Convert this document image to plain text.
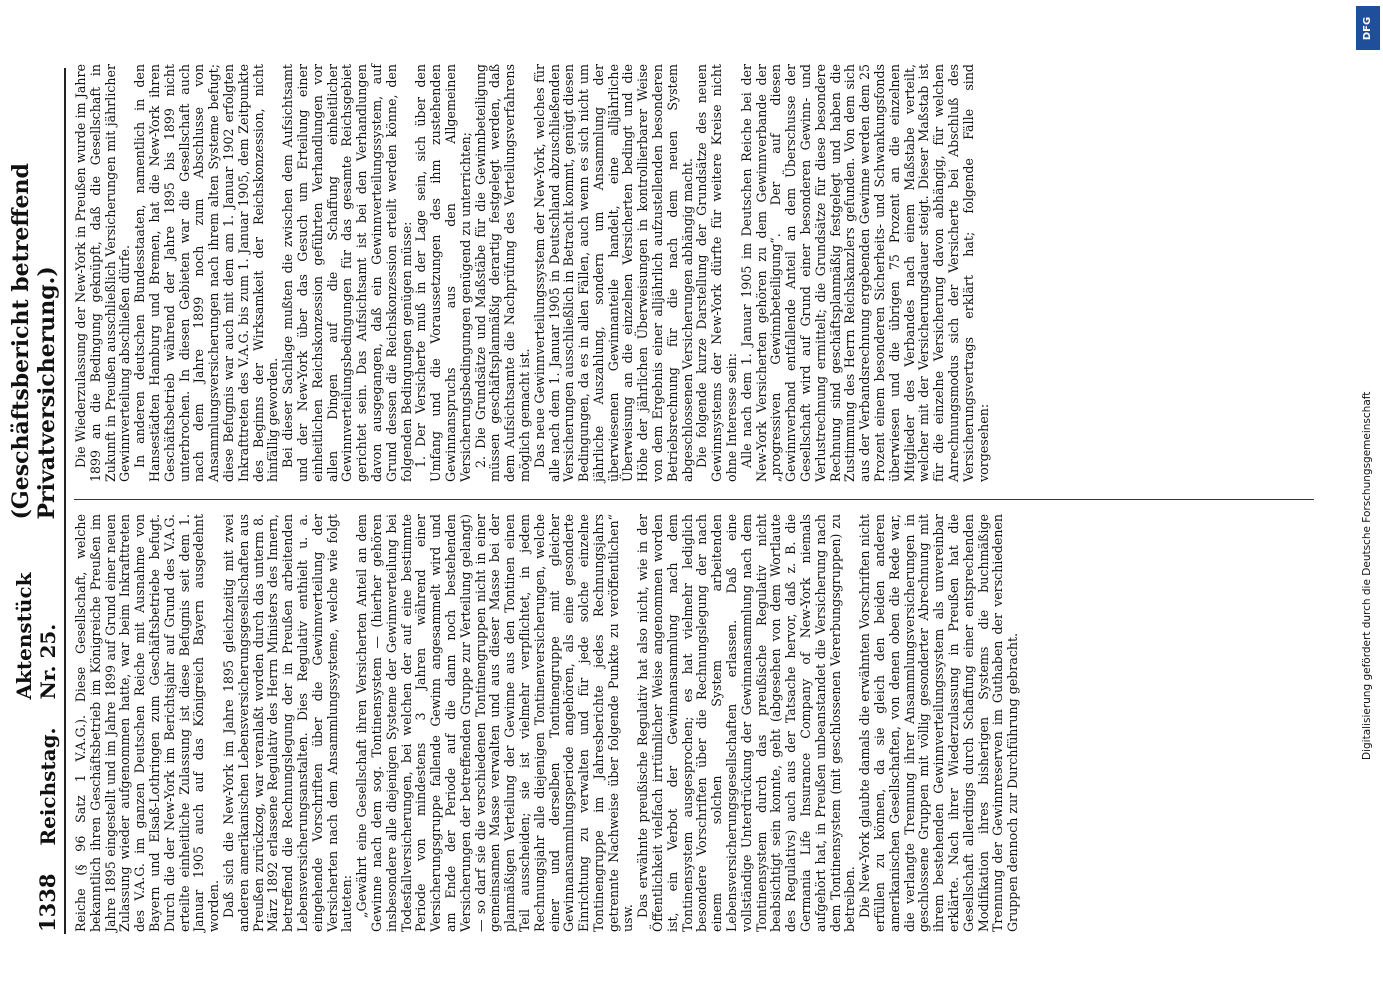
1338
Reichstag.
Aktenstück Nr. 25.
(Geschäftsbericht betreffend Privatversicherung.)

Reiche (§ 96 Satz 1 V.A.G.). Diese Gesellschaft, welche bekanntlich ihren Geschäftsbetrieb im Königreiche Preußen im Jahre 1895 eingestellt und im Jahre 1899 auf Grund einer neuen Zulassung wieder aufgenommen hatte, war beim Inkrafttreten des V.A.G. im ganzen Deutschen Reiche mit Ausnahme von Bayern und Elsaß-Lothringen zum Geschäftsbetriebe befugt. Durch die der New-York im Berichtsjahr auf Grund des V.A.G. erteilte einheitliche Zulassung ist diese Befugnis seit dem 1. Januar 1905 auch auf das Königreich Bayern ausgedehnt worden. Daß sich die New-York im Jahre 1895 gleichzeitig mit zwei anderen amerikanischen Lebensversicherungsgesellschaften aus Preußen zurückzog, war veranlaßt worden durch das unterm 8. März 1892 erlassene Regulativ des Herrn Ministers des Innern, betreffend die Rechnungslegung der in Preußen arbeitenden Lebensversicherungsanstalten. Dies Regulativ enthielt u. a. eingehende Vorschriften über die Gewinnverteilung der Versicherten nach dem Ansammlungssysteme, welche wie folgt lauteten: „Gewährt eine Gesellschaft ihren Versicherten Anteil an dem Gewinne nach dem sog. Tontinensystem — (hierher gehören insbesondere alle diejenigen Systeme der Gewinnverteilung bei Todesfallversicherungen, bei welchen der auf eine bestimmte Periode von mindestens 3 Jahren während einer Versicherungsgruppe fallende Gewinn angesammelt wird und am Ende der Periode auf die dann noch bestehenden Versicherungen der betreffenden Gruppe zur Verteilung gelangt) — so darf sie die verschiedenen Tontinengruppen nicht in einer gemeinsamen Masse verwalten und aus dieser Masse bei der planmäßigen Verteilung der Gewinne aus den Tontinen einen Teil ausscheiden; sie ist vielmehr verpflichtet, in jedem Rechnungsjahr alle diejenigen Tontinenversicherungen, welche einer und derselben Tontinengruppe mit gleicher Gewinnansammlungsperiode angehören, als eine gesonderte Einrichtung zu verwalten und für jede solche einzelne Tontinengruppe im Jahresberichte jedes Rechnungsjahrs getrennte Nachweise über folgende Punkte zu veröffentlichen“ usw.

Das erwähnte preußische Regulativ hat also nicht, wie in der Öffentlichkeit vielfach irrtümlicher Weise angenommen worden ist, ein Verbot der Gewinnansammlung nach dem Tontinensystem ausgesprochen; es hat vielmehr lediglich besondere Vorschriften über die Rechnungslegung der nach einem solchen System arbeitenden Lebensversicherungsgesellschaften erlassen. Daß eine vollständige Unterdrückung der Gewinnansammlung nach dem Tontinensystem durch das preußische Regulativ nicht beabsichtigt sein konnte, geht (abgesehen von dem Wortlaute des Regulativs) auch aus der Tatsache hervor, daß z. B. die Germania Life Insurance Company of New-York niemals aufgehört hat, in Preußen unbeanstandet die Versicherung nach dem Tontinensystem (mit geschlossenen Vererbungsgruppen) zu betreiben. Die New-York glaubte damals die erwähnten Vorschriften nicht erfüllen zu können, da sie gleich den beiden anderen amerikanischen Gesellschaften, von denen oben die Rede war, die verlangte Trennung ihrer Ansammlungsversicherungen in geschlossene Gruppen mit völlig gesonderter Abrechnung mit ihrem bestehenden Gewinnverteilungssystem als unvereinbar erklärte. Nach ihrer Wiederzulassung in Preußen hat die Gesellschaft allerdings durch Schaffung einer entsprechenden Modifikation ihres bisherigen Systems die buchmäßige Trennung der Gewinnreserven im Guthaben der verschiedenen Gruppen dennoch zur Durchführung gebracht.

Die Wiederzulassung der New-York in Preußen wurde im Jahre 1899 an die Bedingung geknüpft, daß die Gesellschaft in Zukunft in Preußen ausschließlich Versicherungen mit jährlicher Gewinnverteilung abschließen dürfe. In anderen deutschen Bundesstaaten, namentlich in den Hansestädten Hamburg und Bremen, hat die New-York ihren Geschäftsbetrieb während der Jahre 1895 bis 1899 nicht unterbrochen. In diesen Gebieten war die Gesellschaft auch nach dem Jahre 1899 noch zum Abschlusse von Ansammlungsversicherungen nach ihrem alten Systeme befugt; diese Befugnis war auch mit dem am 1. Januar 1902 erfolgten Inkrafttreten des V.A.G. bis zum 1. Januar 1905, dem Zeitpunkte des Beginns der Wirksamkeit der Reichskonzession, nicht hinfällig geworden. Bei dieser Sachlage mußten die zwischen dem Aufsichtsamt und der New-York über das Gesuch um Erteilung einer einheitlichen Reichskonzession geführten Verhandlungen vor allen Dingen auf die Schaffung einheitlicher Gewinnverteilungsbedingungen für das gesamte Reichsgebiet gerichtet sein. Das Aufsichtsamt ist bei den Verhandlungen davon ausgegangen, daß ein Gewinnverteilungssystem, auf Grund dessen die Reichskonzession erteilt werden könne, den folgenden Bedingungen genügen müsse: 1. Der Versicherte muß in der Lage sein, sich über den Umfang und die Voraussetzungen des ihm zustehenden Gewinnanspruchs aus den Allgemeinen Versicherungsbedingungen genügend zu unterrichten; 2. Die Grundsätze und Maßstäbe für die Gewinnbeteiligung müssen geschäftsplanmäßig derartig festgelegt werden, daß dem Aufsichtsamte die Nachprüfung des Verteilungsverfahrens möglich gemacht ist. Das neue Gewinnverteilungssystem der New-York, welches für alle nach dem 1. Januar 1905 in Deutschland abzuschließenden Versicherungen ausschließlich in Betracht kommt, genügt diesen Bedingungen, da es in allen Fällen, auch wenn es sich nicht um jährliche Auszahlung, sondern um Ansammlung der überwiesenen Gewinnanteile handelt, eine alljährliche Überweisung an die einzelnen Versicherten bedingt und die Höhe der jährlichen Überweisungen in kontrollierbarer Weise von dem Ergebnis einer alljährlich aufzustellenden besonderen Betriebsrechnung für die nach dem neuen System abgeschlossenen Versicherungen abhängig macht. Die folgende kurze Darstellung der Grundsätze des neuen Gewinnsystems der New-York dürfte für weitere Kreise nicht ohne Interesse sein: Alle nach dem 1. Januar 1905 im Deutschen Reiche bei der New-York Versicherten gehören zu dem Gewinnverbande der „progressiven Gewinnbeteiligung“. Der auf diesen Gewinnverband entfallende Anteil an dem Überschusse der Gesellschaft wird auf Grund einer besonderen Gewinn- und Verlustrechnung ermittelt; die Grundsätze für diese besondere Rechnung sind geschäftsplanmäßig festgelegt und haben die Zustimmung des Herrn Reichskanzlers gefunden. Von dem sich aus der Verbandsrechnung ergebenden Gewinne werden dem 25 Prozent einem besonderen Sicherheits- und Schwankungsfonds überwiesen und die übrigen 75 Prozent an die einzelnen Mitglieder des Verbandes nach einem Maßstabe verteilt, welcher mit der Versicherungsdauer steigt. Dieser Maßstab ist für die einzelne Versicherung davon abhängig, für welchen Anrechnungsmodus sich der Versicherte bei Abschluß des Versicherungsvertrags erklärt hat; folgende Fälle sind vorgesehen:

DFG
Digitalisierung gefördert durch die Deutsche Forschungsgemeinschaft
